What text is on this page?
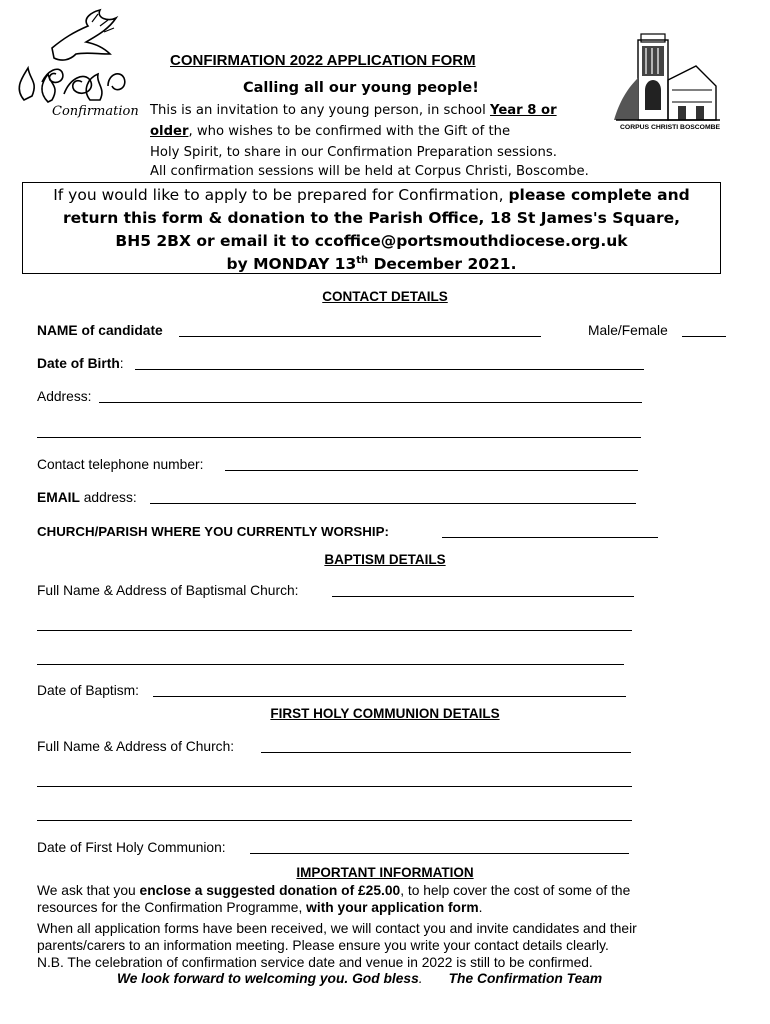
Confirmation
CORPUS CHRISTI BOSCOMBE
CONFIRMATION 2022 APPLICATION FORM
Calling all our young people!
This is an invitation to any young person, in school Year 8 or
older, who wishes to be confirmed with the Gift of the
Holy Spirit, to share in our Confirmation Preparation sessions.
All confirmation sessions will be held at Corpus Christi, Boscombe.
If you would like to apply to be prepared for Confirmation, please complete and
return this form & donation to the Parish Office, 18 St James's Square,
BH5 2BX or email it to ccoffice@portsmouthdiocese.org.uk
by MONDAY 13th December 2021.
CONTACT DETAILS
NAME of candidate	Male/Female
Date of Birth:
Address:
Contact telephone number:
EMAIL address:
CHURCH/PARISH WHERE YOU CURRENTLY WORSHIP:
BAPTISM DETAILS
Full Name & Address of Baptismal Church:
Date of Baptism:
FIRST HOLY COMMUNION DETAILS
Full Name & Address of Church:
Date of First Holy Communion:
IMPORTANT INFORMATION
We ask that you enclose a suggested donation of £25.00, to help cover the cost of some of the
resources for the Confirmation Programme, with your application form.
When all application forms have been received, we will contact you and invite candidates and their
parents/carers to an information meeting. Please ensure you write your contact details clearly.
N.B. The celebration of confirmation service date and venue in 2022 is still to be confirmed.
We look forward to welcoming you. God bless. The Confirmation Team
